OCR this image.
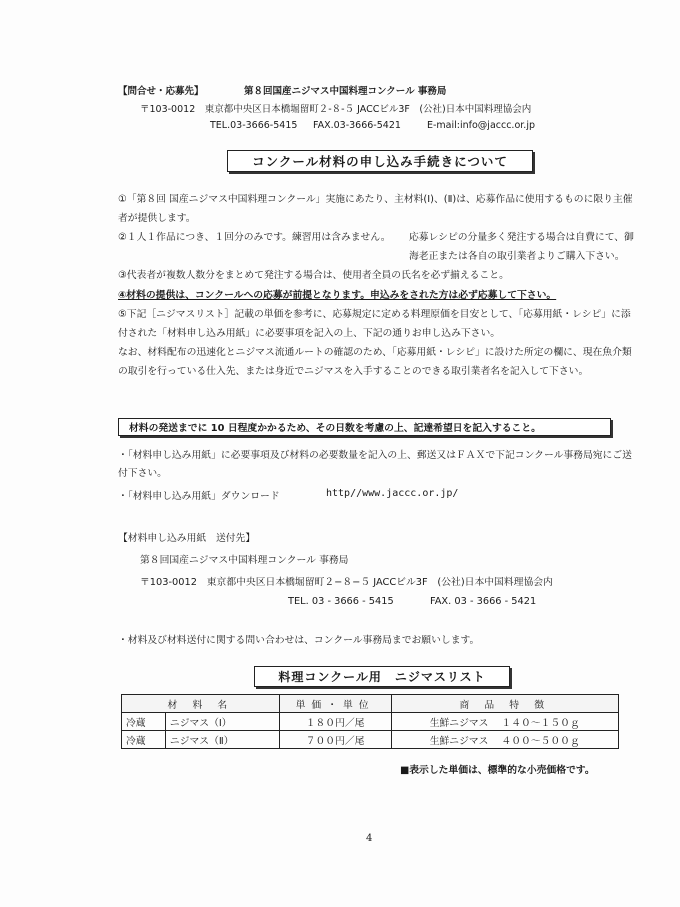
【問合せ・応募先】	第８回国産ニジマス中国料理コンクール 事務局
〒103-0012　東京都中央区日本橋堀留町２-８-５ JACCビル3F　(公社)日本中国料理協会内
TEL.03-3666-5415 FAX.03-3666-5421	E-mail:info@jaccc.or.jp
コンクール材料の申し込み手続きについて
①「第８回 国産ニジマス中国料理コンクール」実施にあたり、主材料(Ⅰ)、(Ⅱ)は、応募作品に使用するものに限り主催者が提供します。
②１人１作品につき、１回分のみです。練習用は含みません。	応募レシピの分量多く発注する場合は自費にて、御海老正または各自の取引業者よりご購入下さい。
③代表者が複数人数分をまとめて発注する場合は、使用者全員の氏名を必ず揃えること。
④材料の提供は、コンクールへの応募が前提となります。申込みをされた方は必ず応募して下さい。
⑤下記［ニジマスリスト］記載の単価を参考に、応募規定に定める料理原価を目安として、「応募用紙・レシピ」に添付された「材料申し込み用紙」に必要事項を記入の上、下記の通りお申し込み下さい。
なお、材料配布の迅速化とニジマス流通ルートの確認のため、「応募用紙・レシピ」に設けた所定の欄に、現在魚介類の取引を行っている仕入先、または身近でニジマスを入手することのできる取引業者名を記入して下さい。
材料の発送までに 10 日程度かかるため、その日数を考慮の上、記達希望日を記入すること。
・「材料申し込み用紙」に必要事項及び材料の必要数量を記入の上、郵送又はＦＡＸで下記コンクール事務局宛にご送付下さい。
・「材料申し込み用紙」ダウンロード	http//www.jaccc.or.jp/
【材料申し込み用紙　送付先】
第８回国産ニジマス中国料理コンクール 事務局
〒103-0012　東京都中央区日本橋堀留町２−８−５ JACCビル3F　(公社)日本中国料理協会内
TEL. 03 - 3666 - 5415	FAX. 03 - 3666 - 5421
・材料及び材料送付に関する問い合わせは、コンクール事務局までお願いします。
料理コンクール用　ニジマスリスト
材 料 名		単価・単位	商 品 特 徴
冷蔵	ニジマス（Ⅰ）	１８０円／尾	生鮮ニジマス　 １４０〜１５０ｇ
冷蔵	ニジマス（Ⅱ）	７００円／尾	生鮮ニジマス　 ４００〜５００ｇ
■表示した単価は、標準的な小売価格です。
4
